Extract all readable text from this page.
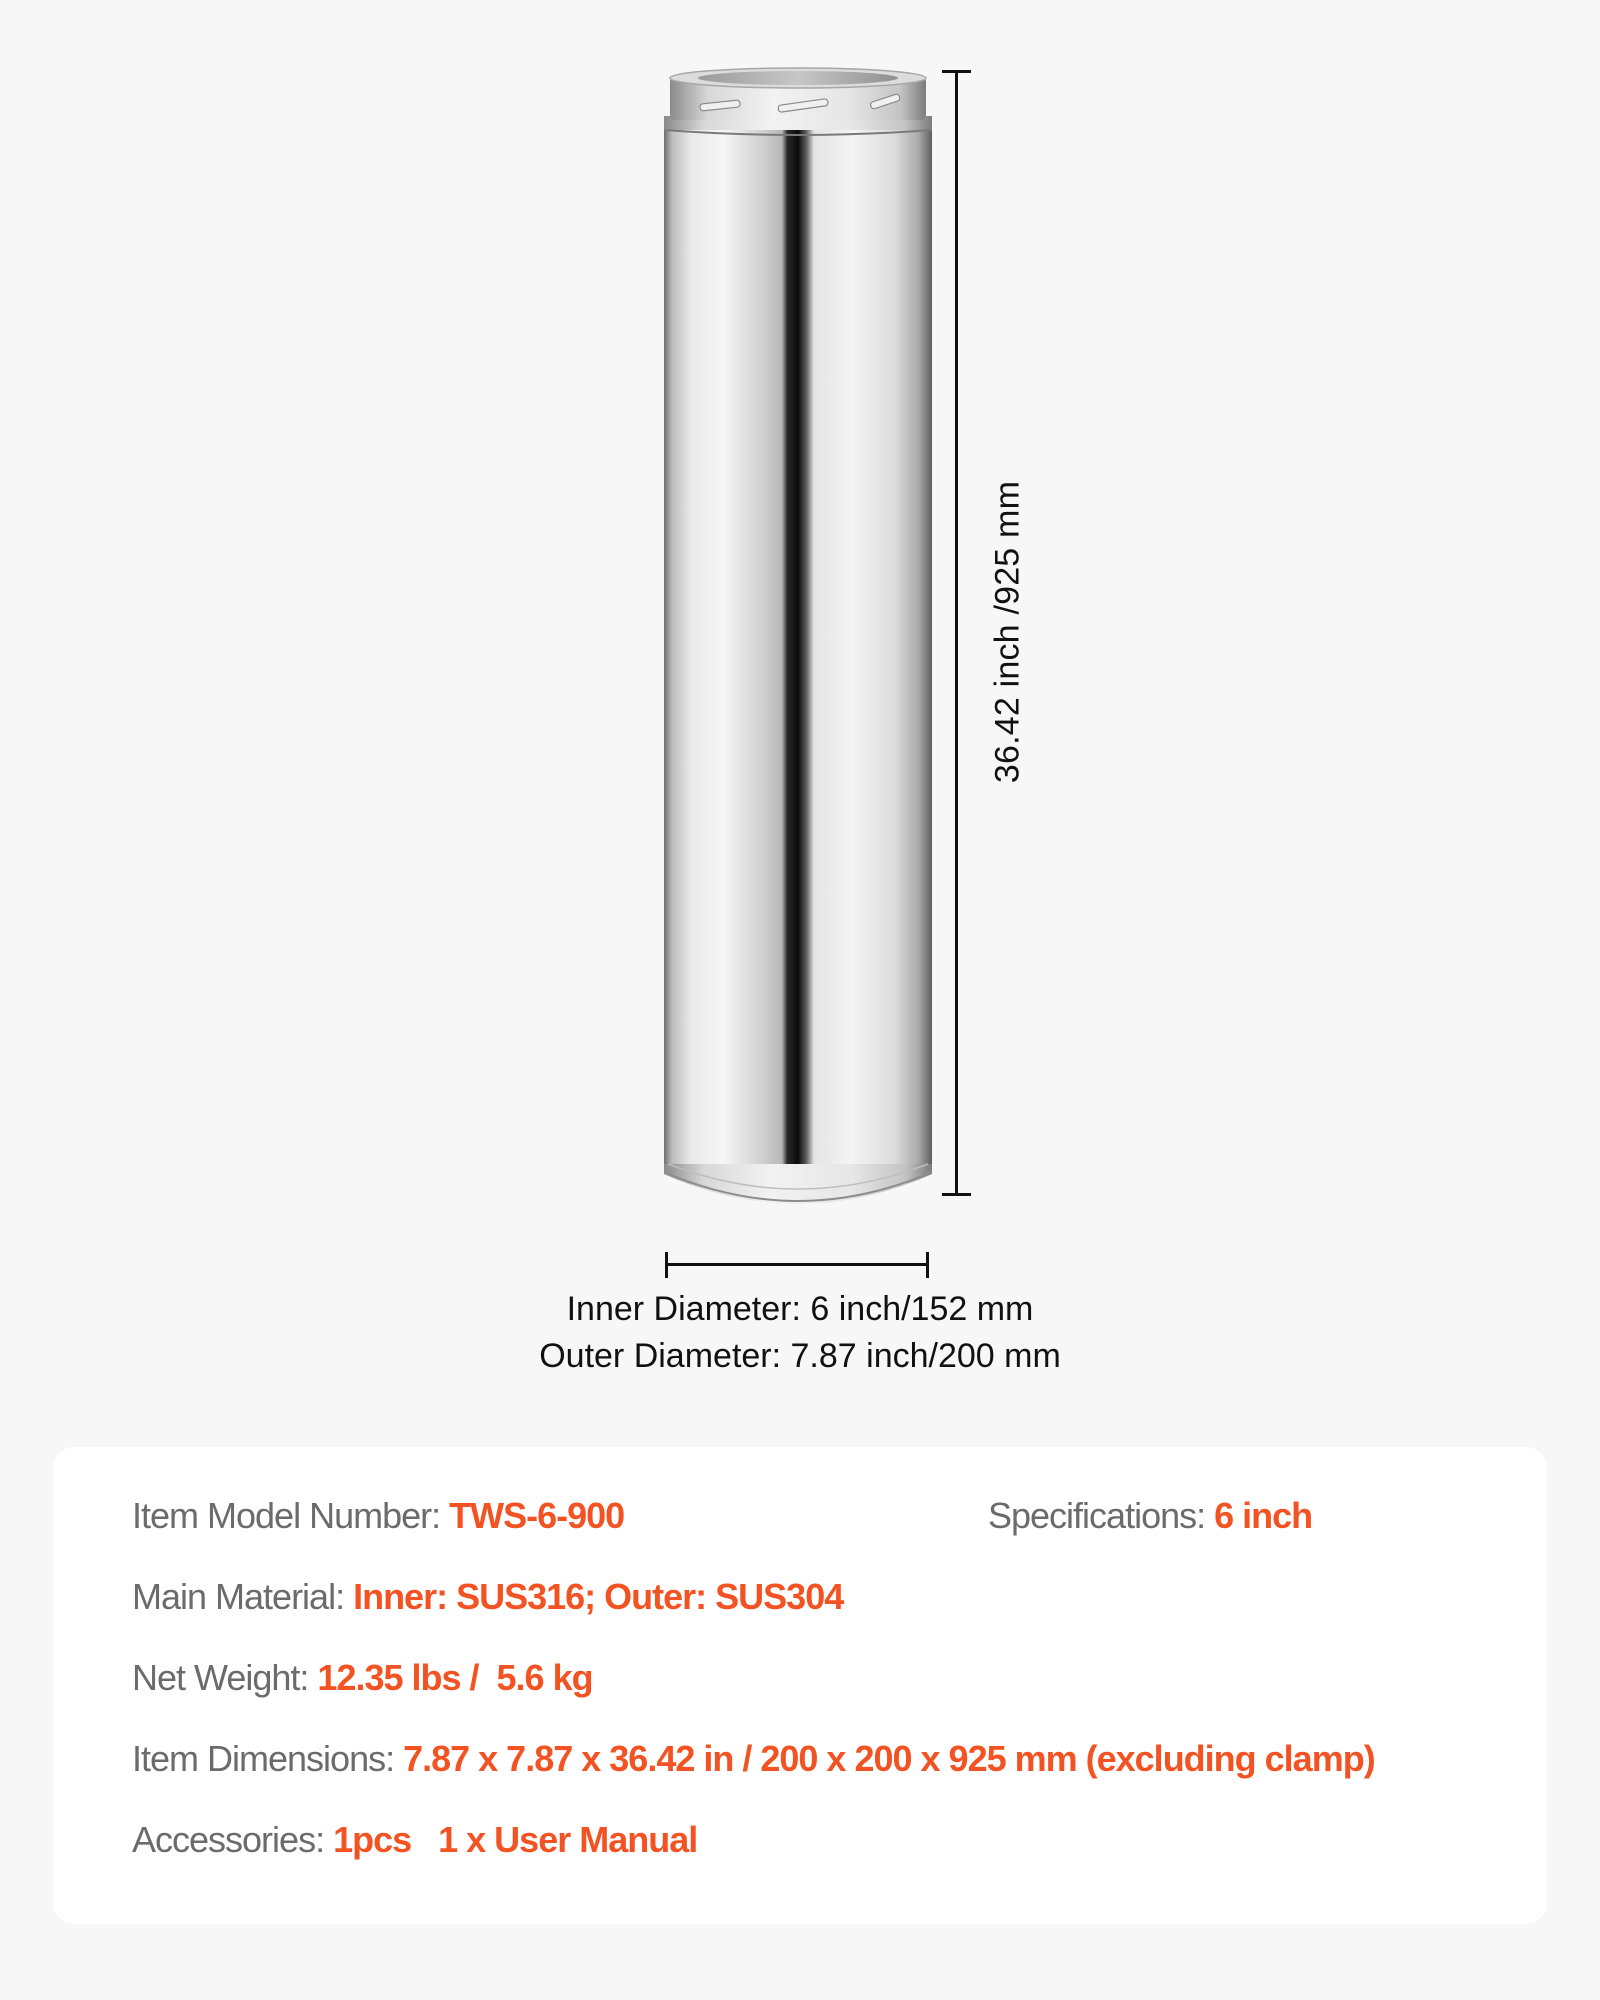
36.42 inch /925 mm
Inner Diameter: 6 inch/152 mm
Outer Diameter: 7.87 inch/200 mm
Item Model Number: TWS-6-900	Specifications: 6 inch
Main Material: Inner: SUS316; Outer: SUS304
Net Weight: 12.35 lbs /  5.6 kg
Item Dimensions: 7.87 x 7.87 x 36.42 in / 200 x 200 x 925 mm (excluding clamp)
Accessories: 1pcs   1 x User Manual
